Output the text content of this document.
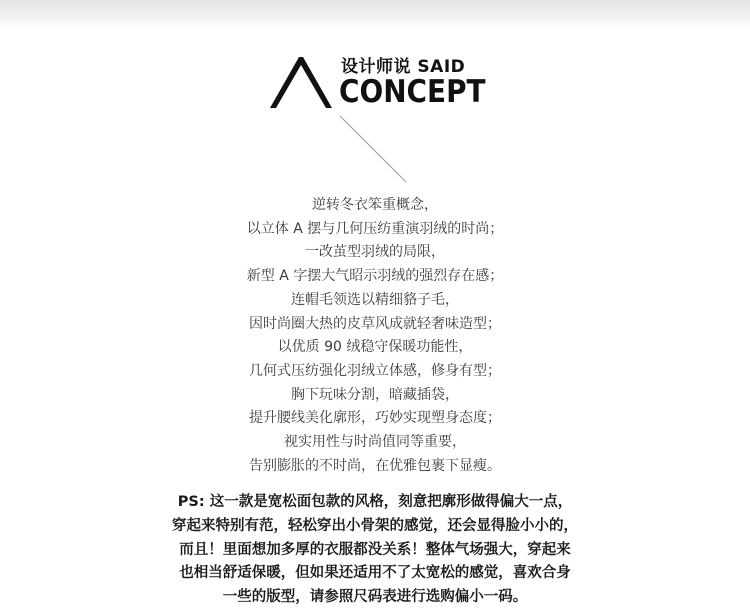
设计师说 SAID
CONCEPT
逆转冬衣笨重概念，
以立体 A 摆与几何压纺重演羽绒的时尚；
一改茧型羽绒的局限，
新型 A 字摆大气昭示羽绒的强烈存在感；
连帽毛领选以精细貉子毛，
因时尚圈大热的皮草风成就轻奢味造型；
以优质 90 绒稳守保暖功能性，
几何式压纺强化羽绒立体感，修身有型；
胸下玩味分割，暗藏插袋，
提升腰线美化廓形，巧妙实现塑身态度；
视实用性与时尚值同等重要，
告别膨胀的不时尚，在优雅包裹下显瘦。
PS: 这一款是宽松面包款的风格，刻意把廓形做得偏大一点，
穿起来特别有范，轻松穿出小骨架的感觉，还会显得脸小小的，
而且！里面想加多厚的衣服都没关系！整体气场强大，穿起来
也相当舒适保暖，但如果还适用不了太宽松的感觉，喜欢合身
一些的版型，请参照尺码表进行选购偏小一码。
